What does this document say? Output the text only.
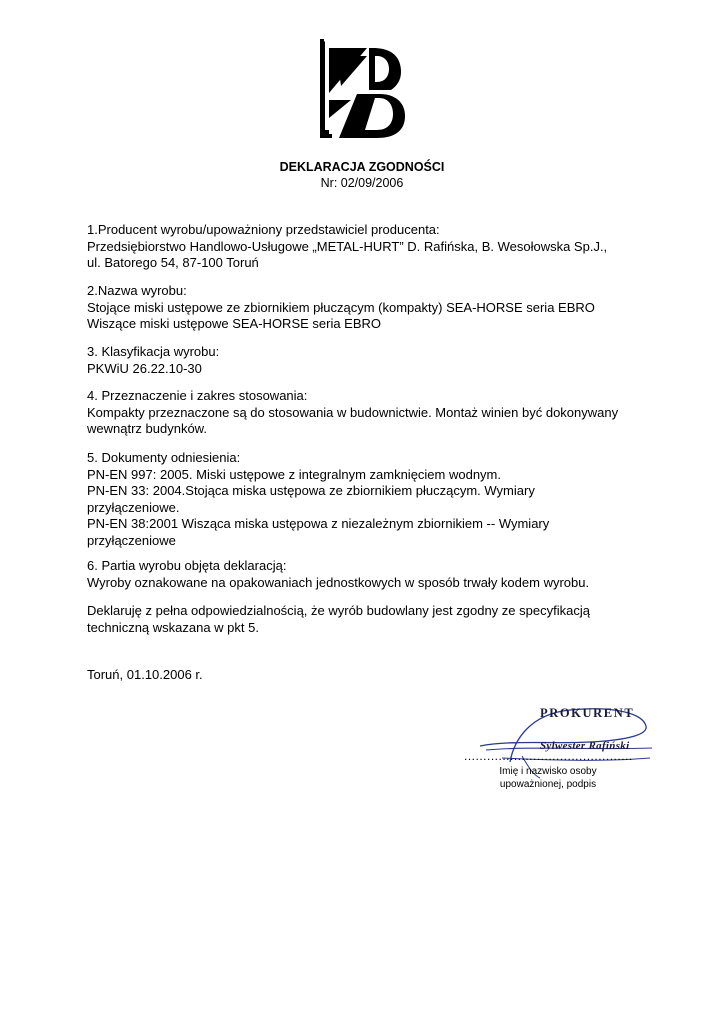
DEKLARACJA ZGODNOŚCI
Nr: 02/09/2006
1.Producent wyrobu/upoważniony przedstawiciel producenta:
Przedsiębiorstwo Handlowo-Usługowe „METAL-HURT” D. Rafińska, B. Wesołowska Sp.J.,
ul. Batorego 54, 87-100 Toruń
2.Nazwa wyrobu:
Stojące miski ustępowe ze zbiornikiem płuczącym (kompakty) SEA-HORSE seria EBRO
Wiszące miski ustępowe SEA-HORSE seria EBRO
3. Klasyfikacja wyrobu:
PKWiU 26.22.10-30
4. Przeznaczenie i zakres stosowania:
Kompakty przeznaczone są do stosowania w budownictwie. Montaż winien być dokonywany wewnątrz budynków.
5. Dokumenty odniesienia:
PN-EN 997: 2005. Miski ustępowe z integralnym zamknięciem wodnym.
PN-EN 33: 2004.Stojąca miska ustępowa ze zbiornikiem płuczącym. Wymiary przyłączeniowe.
PN-EN 38:2001 Wisząca miska ustępowa z niezależnym zbiornikiem -- Wymiary przyłączeniowe
6. Partia wyrobu objęta deklaracją:
Wyroby oznakowane na opakowaniach jednostkowych w sposób trwały kodem wyrobu.
Deklaruję z pełna odpowiedzialnością, że wyrób budowlany jest zgodny ze specyfikacją techniczną wskazana w pkt 5.
Toruń, 01.10.2006 r.
PROKURENT
Sylwester Rafiński
............................................
Imię i nazwisko osoby
upoważnionej, podpis
